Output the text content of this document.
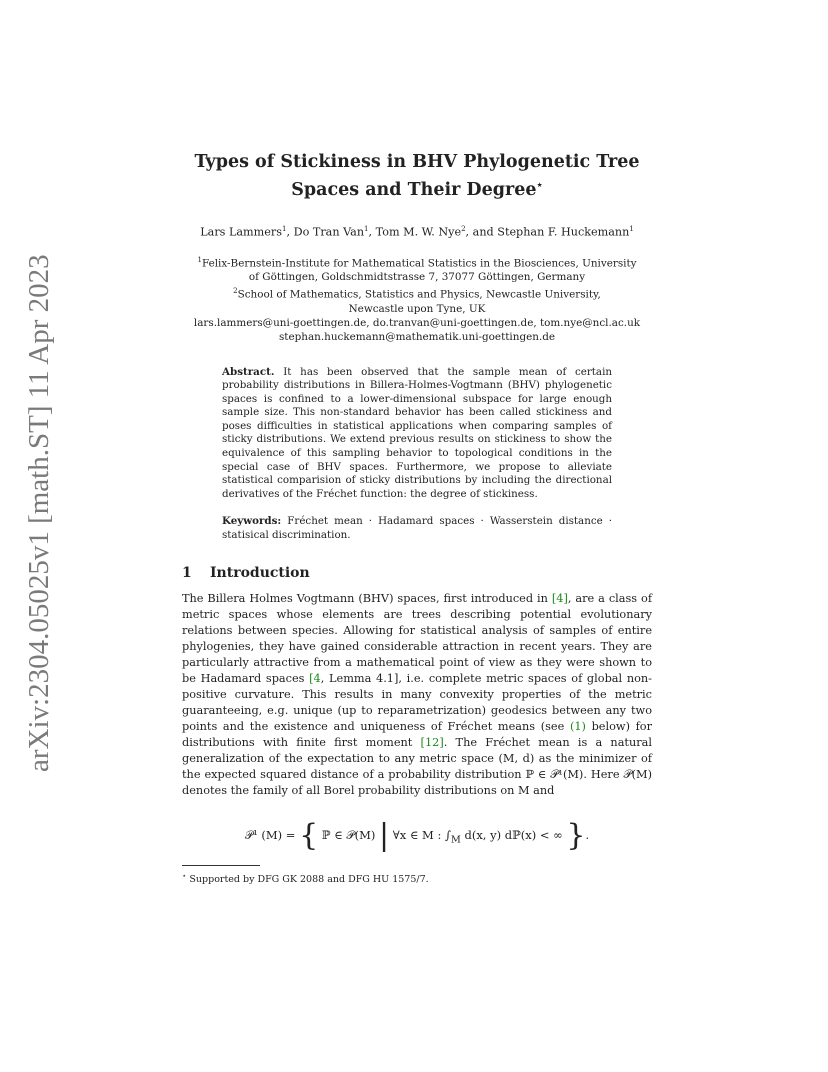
arXiv:2304.05025v1 [math.ST] 11 Apr 2023
Types of Stickiness in BHV Phylogenetic Tree
Spaces and Their Degree⋆
Lars Lammers$^1$, Do Tran Van$^1$, Tom M. W. Nye$^2$, and Stephan F. Huckemann$^1$
$^1$Felix-Bernstein-Institute for Mathematical Statistics in the Biosciences, University
of Göttingen, Goldschmidtstrasse 7, 37077 Göttingen, Germany
$^2$School of Mathematics, Statistics and Physics, Newcastle University,
Newcastle upon Tyne, UK
lars.lammers@uni-goettingen.de, do.tranvan@uni-goettingen.de, tom.nye@ncl.ac.uk
stephan.huckemann@mathematik.uni-goettingen.de
Abstract. It has been observed that the sample mean of certain probability distributions in Billera-Holmes-Vogtmann (BHV) phylogenetic spaces is confined to a lower-dimensional subspace for large enough sample size. This non-standard behavior has been called stickiness and poses difficulties in statistical applications when comparing samples of sticky distributions. We extend previous results on stickiness to show the equivalence of this sampling behavior to topological conditions in the special case of BHV spaces. Furthermore, we propose to alleviate statistical comparision of sticky distributions by including the directional derivatives of the Fréchet function: the degree of stickiness.
Keywords: Fréchet mean · Hadamard spaces · Wasserstein distance · statisical discrimination.
1 Introduction
The Billera Holmes Vogtmann (BHV) spaces, first introduced in [4], are a class of metric spaces whose elements are trees describing potential evolutionary relations between species. Allowing for statistical analysis of samples of entire phylogenies, they have gained considerable attraction in recent years. They are particularly attractive from a mathematical point of view as they were shown to be Hadamard spaces [4, Lemma 4.1], i.e. complete metric spaces of global non-positive curvature. This results in many convexity properties of the metric guaranteeing, e.g. unique (up to reparametrization) geodesics between any two points and the existence and uniqueness of Fréchet means (see (1) below) for distributions with finite first moment [12]. The Fréchet mean is a natural generalization of the expectation to any metric space (M, d) as the minimizer of the expected squared distance of a probability distribution ℙ ∈ 𝒫¹(M). Here 𝒫(M) denotes the family of all Borel probability distributions on M and
𝒫¹ (M) = { ℙ ∈ 𝒫(M) | ∀x ∈ M : $\int_M$ d(x, y) dℙ(x) < ∞ }.
⋆ Supported by DFG GK 2088 and DFG HU 1575/7.
